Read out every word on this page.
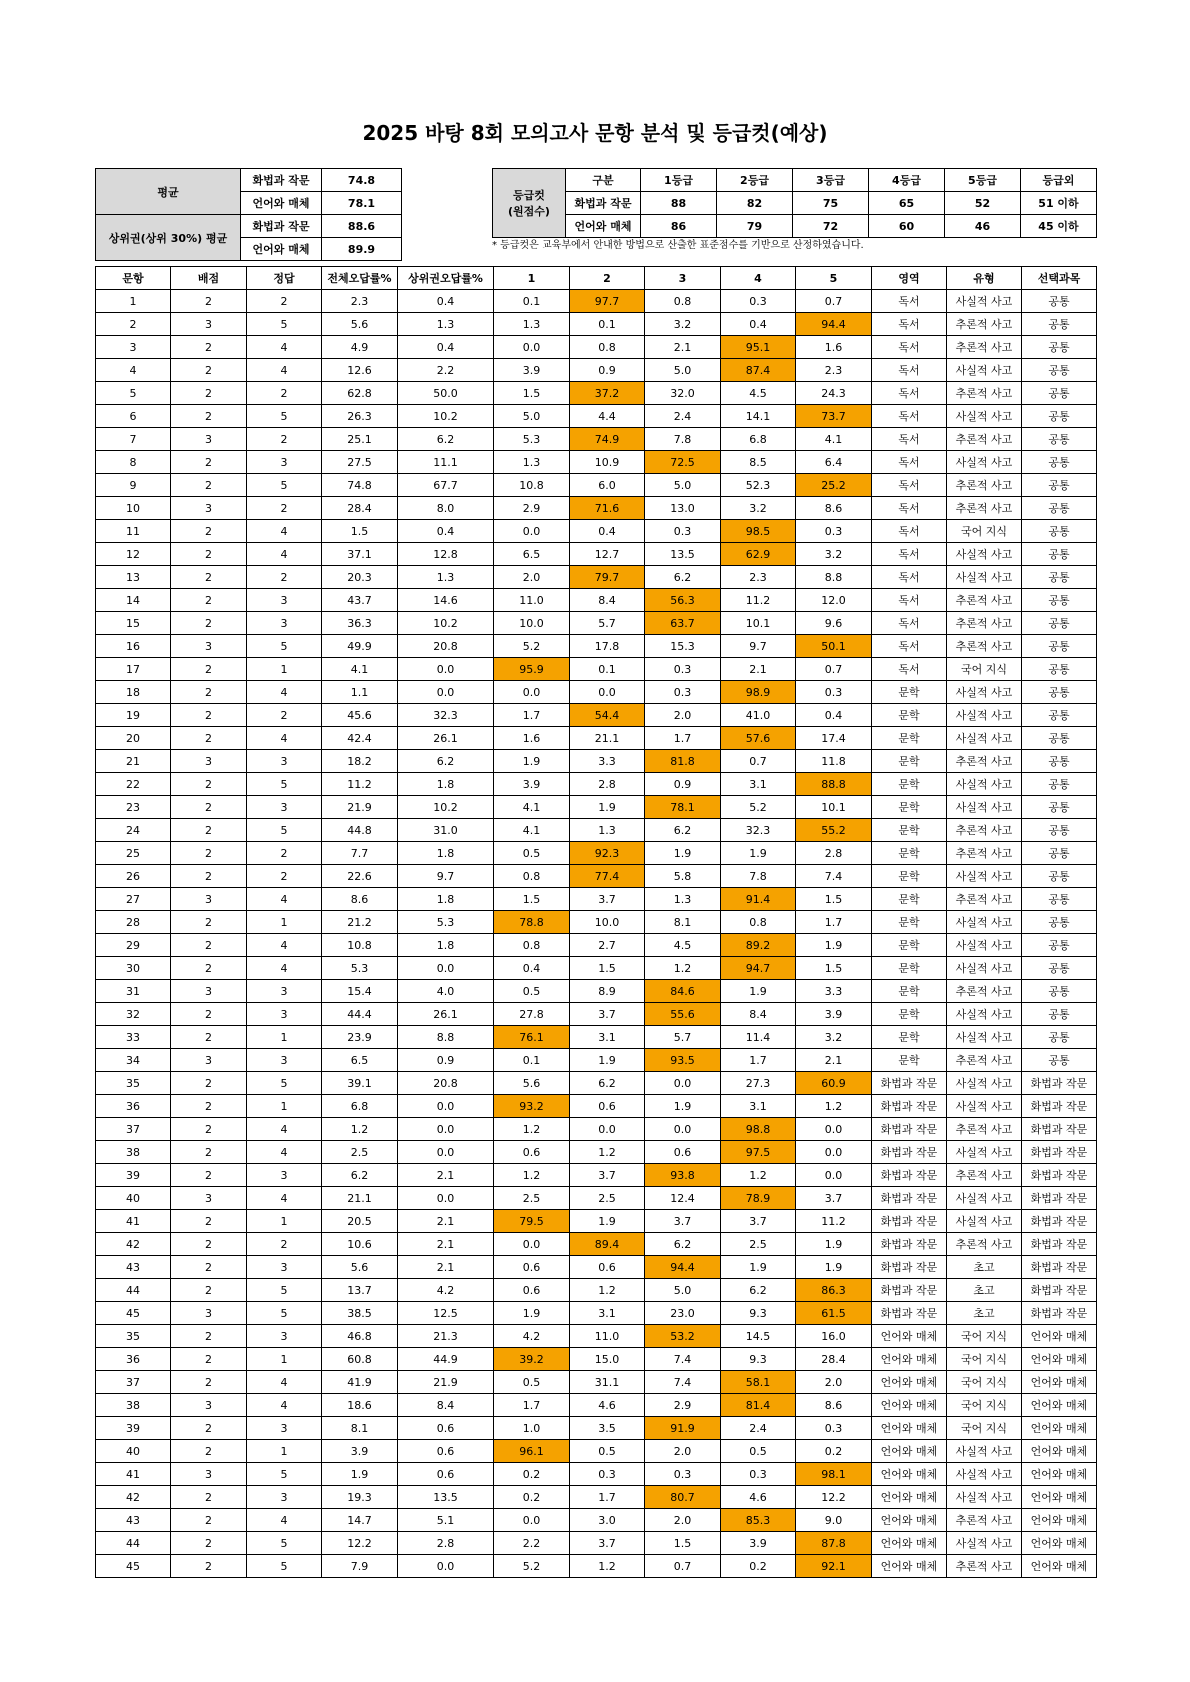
2025 바탕 8회 모의고사 문항 분석 및 등급컷(예상)
평균	화법과 작문	74.8
	언어와 매체	78.1
상위권(상위 30%) 평균	화법과 작문	88.6
	언어와 매체	89.9
등급컷
(원점수)	구분	1등급	2등급	3등급	4등급	5등급	등급외
	화법과 작문	88	82	75	65	52	51 이하
	언어와 매체	86	79	72	60	46	45 이하
* 등급컷은 교육부에서 안내한 방법으로 산출한 표준점수를 기반으로 산정하였습니다.
문항	배점	정답	전체오답률%	상위권오답률%	1	2	3	4	5	영역	유형	선택과목
1	2	2	2.3	0.4	0.1	97.7	0.8	0.3	0.7	독서	사실적 사고	공통
2	3	5	5.6	1.3	1.3	0.1	3.2	0.4	94.4	독서	추론적 사고	공통
3	2	4	4.9	0.4	0.0	0.8	2.1	95.1	1.6	독서	추론적 사고	공통
4	2	4	12.6	2.2	3.9	0.9	5.0	87.4	2.3	독서	사실적 사고	공통
5	2	2	62.8	50.0	1.5	37.2	32.0	4.5	24.3	독서	추론적 사고	공통
6	2	5	26.3	10.2	5.0	4.4	2.4	14.1	73.7	독서	사실적 사고	공통
7	3	2	25.1	6.2	5.3	74.9	7.8	6.8	4.1	독서	추론적 사고	공통
8	2	3	27.5	11.1	1.3	10.9	72.5	8.5	6.4	독서	사실적 사고	공통
9	2	5	74.8	67.7	10.8	6.0	5.0	52.3	25.2	독서	추론적 사고	공통
10	3	2	28.4	8.0	2.9	71.6	13.0	3.2	8.6	독서	추론적 사고	공통
11	2	4	1.5	0.4	0.0	0.4	0.3	98.5	0.3	독서	국어 지식	공통
12	2	4	37.1	12.8	6.5	12.7	13.5	62.9	3.2	독서	사실적 사고	공통
13	2	2	20.3	1.3	2.0	79.7	6.2	2.3	8.8	독서	사실적 사고	공통
14	2	3	43.7	14.6	11.0	8.4	56.3	11.2	12.0	독서	추론적 사고	공통
15	2	3	36.3	10.2	10.0	5.7	63.7	10.1	9.6	독서	추론적 사고	공통
16	3	5	49.9	20.8	5.2	17.8	15.3	9.7	50.1	독서	추론적 사고	공통
17	2	1	4.1	0.0	95.9	0.1	0.3	2.1	0.7	독서	국어 지식	공통
18	2	4	1.1	0.0	0.0	0.0	0.3	98.9	0.3	문학	사실적 사고	공통
19	2	2	45.6	32.3	1.7	54.4	2.0	41.0	0.4	문학	사실적 사고	공통
20	2	4	42.4	26.1	1.6	21.1	1.7	57.6	17.4	문학	사실적 사고	공통
21	3	3	18.2	6.2	1.9	3.3	81.8	0.7	11.8	문학	추론적 사고	공통
22	2	5	11.2	1.8	3.9	2.8	0.9	3.1	88.8	문학	사실적 사고	공통
23	2	3	21.9	10.2	4.1	1.9	78.1	5.2	10.1	문학	사실적 사고	공통
24	2	5	44.8	31.0	4.1	1.3	6.2	32.3	55.2	문학	추론적 사고	공통
25	2	2	7.7	1.8	0.5	92.3	1.9	1.9	2.8	문학	추론적 사고	공통
26	2	2	22.6	9.7	0.8	77.4	5.8	7.8	7.4	문학	사실적 사고	공통
27	3	4	8.6	1.8	1.5	3.7	1.3	91.4	1.5	문학	추론적 사고	공통
28	2	1	21.2	5.3	78.8	10.0	8.1	0.8	1.7	문학	사실적 사고	공통
29	2	4	10.8	1.8	0.8	2.7	4.5	89.2	1.9	문학	사실적 사고	공통
30	2	4	5.3	0.0	0.4	1.5	1.2	94.7	1.5	문학	사실적 사고	공통
31	3	3	15.4	4.0	0.5	8.9	84.6	1.9	3.3	문학	추론적 사고	공통
32	2	3	44.4	26.1	27.8	3.7	55.6	8.4	3.9	문학	사실적 사고	공통
33	2	1	23.9	8.8	76.1	3.1	5.7	11.4	3.2	문학	사실적 사고	공통
34	3	3	6.5	0.9	0.1	1.9	93.5	1.7	2.1	문학	추론적 사고	공통
35	2	5	39.1	20.8	5.6	6.2	0.0	27.3	60.9	화법과 작문	사실적 사고	화법과 작문
36	2	1	6.8	0.0	93.2	0.6	1.9	3.1	1.2	화법과 작문	사실적 사고	화법과 작문
37	2	4	1.2	0.0	1.2	0.0	0.0	98.8	0.0	화법과 작문	추론적 사고	화법과 작문
38	2	4	2.5	0.0	0.6	1.2	0.6	97.5	0.0	화법과 작문	사실적 사고	화법과 작문
39	2	3	6.2	2.1	1.2	3.7	93.8	1.2	0.0	화법과 작문	추론적 사고	화법과 작문
40	3	4	21.1	0.0	2.5	2.5	12.4	78.9	3.7	화법과 작문	사실적 사고	화법과 작문
41	2	1	20.5	2.1	79.5	1.9	3.7	3.7	11.2	화법과 작문	사실적 사고	화법과 작문
42	2	2	10.6	2.1	0.0	89.4	6.2	2.5	1.9	화법과 작문	추론적 사고	화법과 작문
43	2	3	5.6	2.1	0.6	0.6	94.4	1.9	1.9	화법과 작문	초고	화법과 작문
44	2	5	13.7	4.2	0.6	1.2	5.0	6.2	86.3	화법과 작문	초고	화법과 작문
45	3	5	38.5	12.5	1.9	3.1	23.0	9.3	61.5	화법과 작문	초고	화법과 작문
35	2	3	46.8	21.3	4.2	11.0	53.2	14.5	16.0	언어와 매체	국어 지식	언어와 매체
36	2	1	60.8	44.9	39.2	15.0	7.4	9.3	28.4	언어와 매체	국어 지식	언어와 매체
37	2	4	41.9	21.9	0.5	31.1	7.4	58.1	2.0	언어와 매체	국어 지식	언어와 매체
38	3	4	18.6	8.4	1.7	4.6	2.9	81.4	8.6	언어와 매체	국어 지식	언어와 매체
39	2	3	8.1	0.6	1.0	3.5	91.9	2.4	0.3	언어와 매체	국어 지식	언어와 매체
40	2	1	3.9	0.6	96.1	0.5	2.0	0.5	0.2	언어와 매체	사실적 사고	언어와 매체
41	3	5	1.9	0.6	0.2	0.3	0.3	0.3	98.1	언어와 매체	사실적 사고	언어와 매체
42	2	3	19.3	13.5	0.2	1.7	80.7	4.6	12.2	언어와 매체	사실적 사고	언어와 매체
43	2	4	14.7	5.1	0.0	3.0	2.0	85.3	9.0	언어와 매체	추론적 사고	언어와 매체
44	2	5	12.2	2.8	2.2	3.7	1.5	3.9	87.8	언어와 매체	사실적 사고	언어와 매체
45	2	5	7.9	0.0	5.2	1.2	0.7	0.2	92.1	언어와 매체	추론적 사고	언어와 매체
